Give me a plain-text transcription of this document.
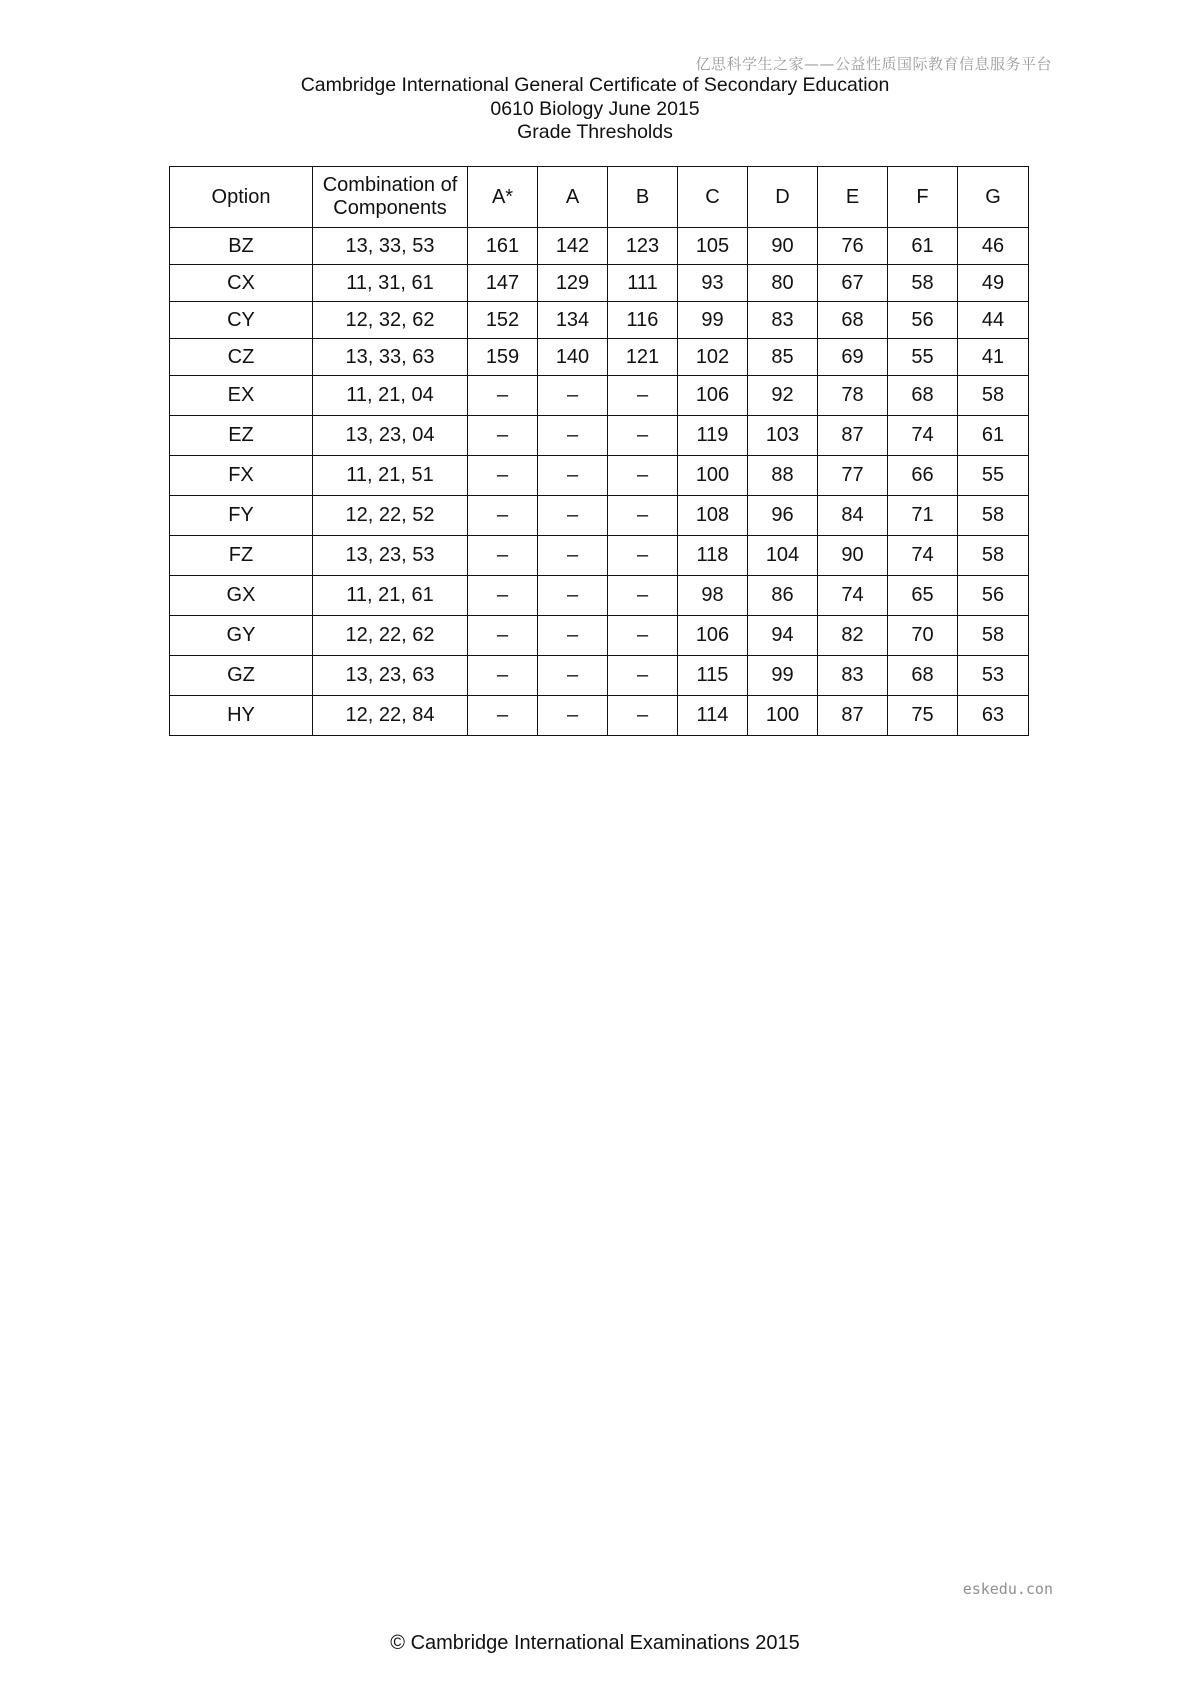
亿思科学生之家——公益性质国际教育信息服务平台
Cambridge International General Certificate of Secondary Education
0610 Biology June 2015
Grade Thresholds
Option	Combination of Components	A*	A	B	C	D	E	F	G
BZ	13, 33, 53	161	142	123	105	90	76	61	46
CX	11, 31, 61	147	129	111	93	80	67	58	49
CY	12, 32, 62	152	134	116	99	83	68	56	44
CZ	13, 33, 63	159	140	121	102	85	69	55	41
EX	11, 21, 04	–	–	–	106	92	78	68	58
EZ	13, 23, 04	–	–	–	119	103	87	74	61
FX	11, 21, 51	–	–	–	100	88	77	66	55
FY	12, 22, 52	–	–	–	108	96	84	71	58
FZ	13, 23, 53	–	–	–	118	104	90	74	58
GX	11, 21, 61	–	–	–	98	86	74	65	56
GY	12, 22, 62	–	–	–	106	94	82	70	58
GZ	13, 23, 63	–	–	–	115	99	83	68	53
HY	12, 22, 84	–	–	–	114	100	87	75	63
eskedu.con
© Cambridge International Examinations 2015
